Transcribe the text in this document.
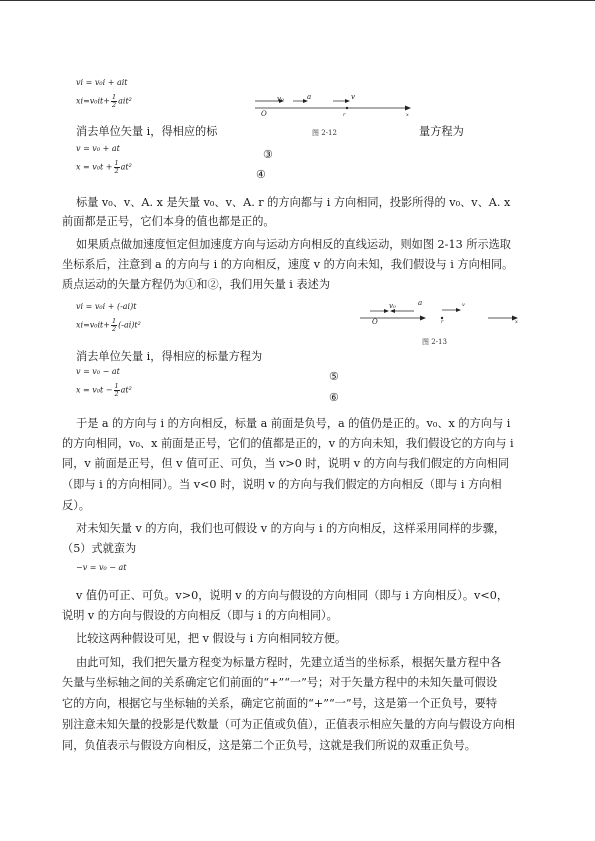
vi = v₀i + ait
$xi=v_0it+ \frac{1}{2} ait^2$	v₀	a	v
O	r	x
图 2-12
消去单位矢量 i，得相应的标	量方程为
v = v₀ + at
$x = v_0t + \frac{1}{2} at^2$
③
④
标量 v₀、v、A. x 是矢量 v₀、v、A. r 的方向都与 i 方向相同，投影所得的 v₀、v、A. x
前面都是正号，它们本身的值也都是正的。
如果质点做加速度恒定但加速度方向与运动方向相反的直线运动，则如图 2-13 所示选取
坐标系后，注意到 a 的方向与 i 的方向相反，速度 v 的方向未知，我们假设与 i 方向相同。
质点运动的矢量方程仍为①和②，我们用矢量 i 表述为
vi = v₀i + (-ai)t
$xi=v_0it+ \frac{1}{2} (-ai)t^2$
v₀	a	v
O	r	x
图 2-13
消去单位矢量 i，得相应的标量方程为
v = v₀ − at
$x = v_0t - \frac{1}{2} at^2$
⑤
⑥
于是 a 的方向与 i 的方向相反，标量 a 前面是负号，a 的值仍是正的。v₀、x 的方向与 i
的方向相同，v₀、x 前面是正号，它们的值都是正的，v 的方向未知，我们假设它的方向与 i
同，v 前面是正号，但 v 值可正、可负，当 v>0 时，说明 v 的方向与我们假定的方向相同
（即与 i 的方向相同）。当 v<0 时，说明 v 的方向与我们假定的方向相反（即与 i 方向相
反）。
对未知矢量 v 的方向，我们也可假设 v 的方向与 i 的方向相反，这样采用同样的步骤，
（5）式就蛮为
−v = v₀ − at
v 值仍可正、可负。v>0，说明 v 的方向与假设的方向相同（即与 i 方向相反）。v<0，
说明 v 的方向与假设的方向相反（即与 i 的方向相同）。
比较这两种假设可见，把 v 假设与 i 方向相同较方便。
由此可知，我们把矢量方程变为标量方程时，先建立适当的坐标系，根据矢量方程中各
矢量与坐标轴之间的关系确定它们前面的“+”“一”号；对于矢量方程中的未知矢量可假设
它的方向，根据它与坐标轴的关系，确定它前面的“+”“一”号，这是第一个正负号，要特
别注意未知矢量的投影是代数量（可为正值或负值），正值表示相应矢量的方向与假设方向相
同，负值表示与假设方向相反，这是第二个正负号，这就是我们所说的双重正负号。
